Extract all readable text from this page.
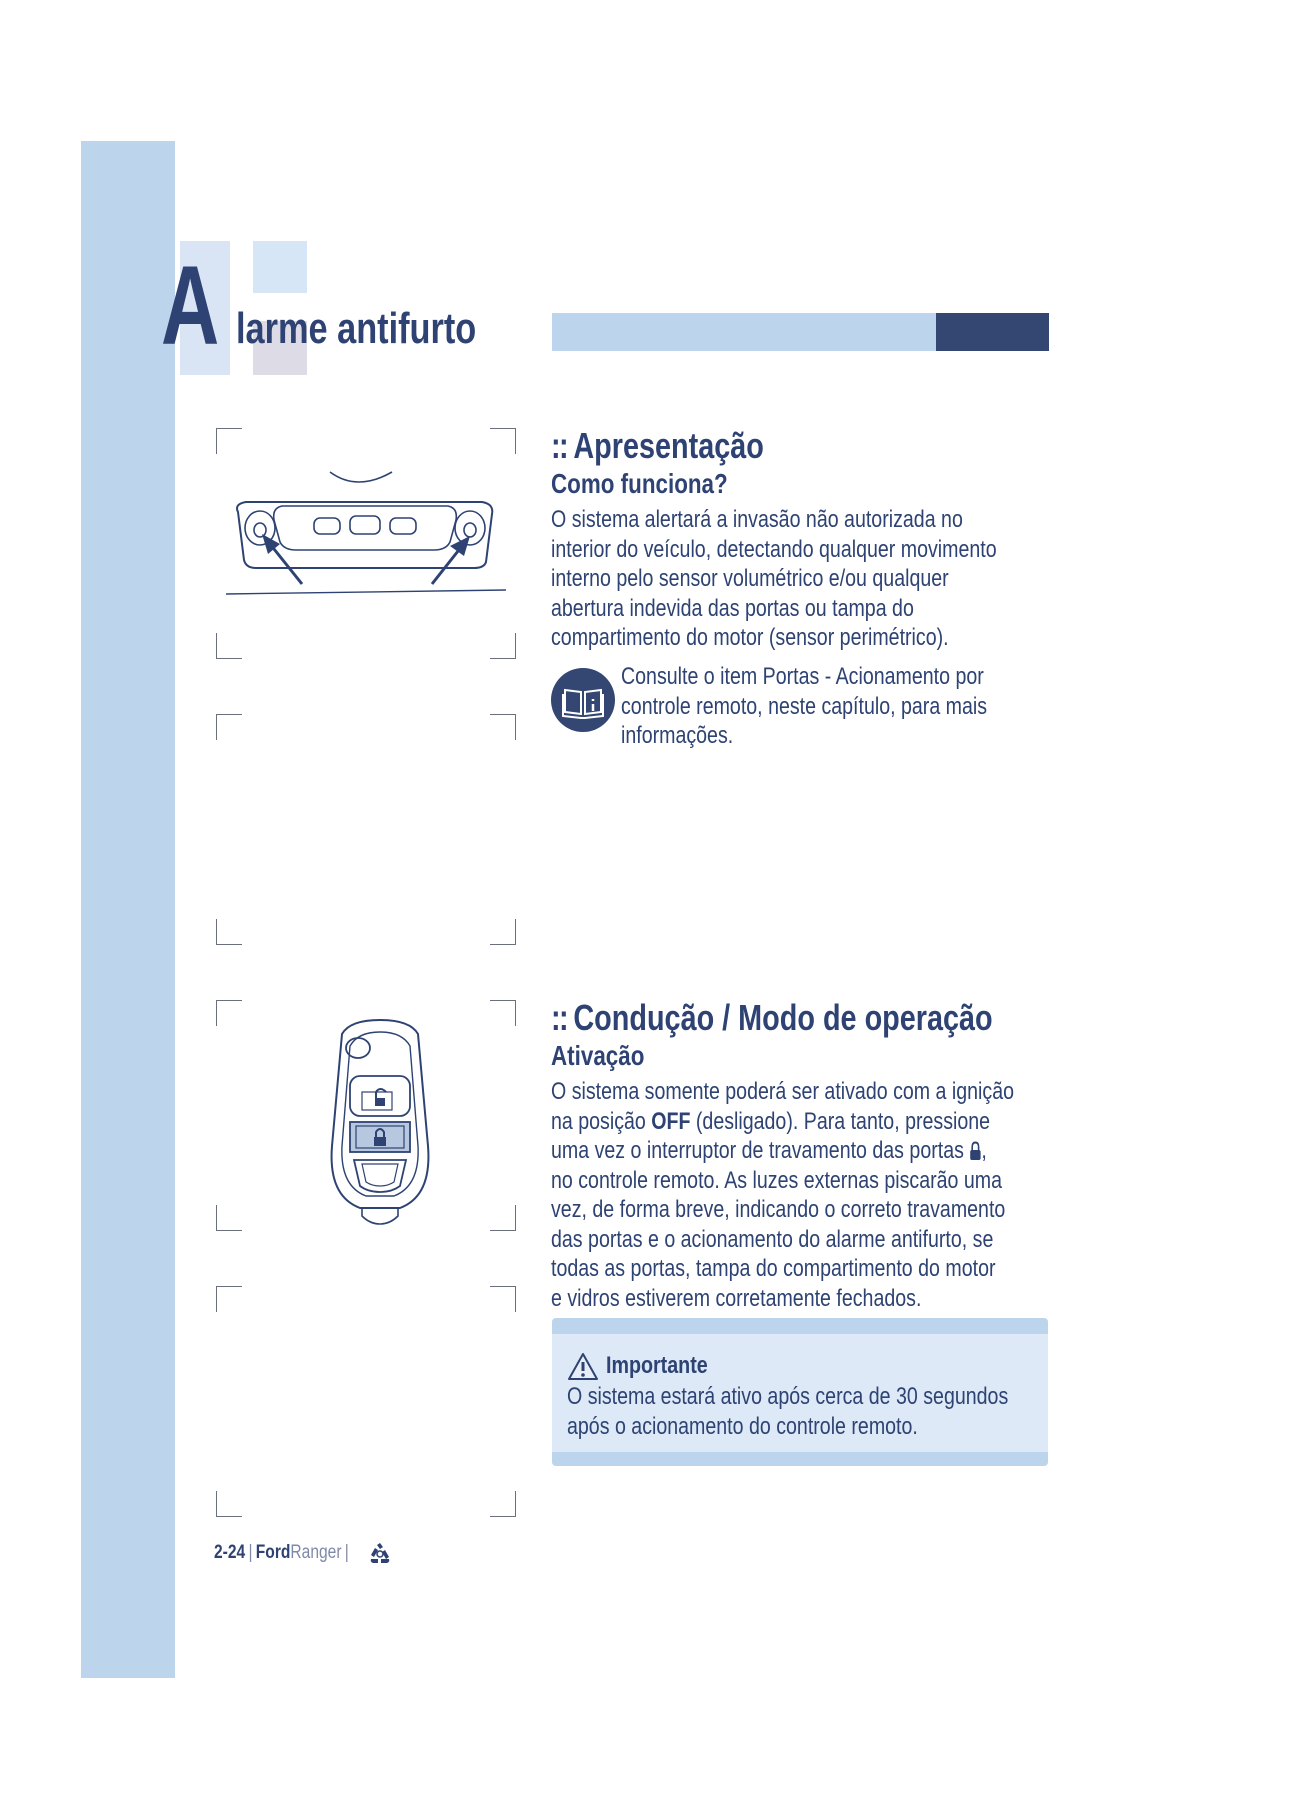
A larme antifurto
:: Apresentação
Como funciona?
O sistema alertará a invasão não autorizada no
interior do veículo, detectando qualquer movimento
interno pelo sensor volumétrico e/ou qualquer
abertura indevida das portas ou tampa do
compartimento do motor (sensor perimétrico).
Consulte o item Portas - Acionamento por
controle remoto, neste capítulo, para mais
informações.
:: Condução / Modo de operação
Ativação
O sistema somente poderá ser ativado com a ignição
na posição OFF (desligado). Para tanto, pressione
uma vez o interruptor de travamento das portas ,
no controle remoto. As luzes externas piscarão uma
vez, de forma breve, indicando o correto travamento
das portas e o acionamento do alarme antifurto, se
todas as portas, tampa do compartimento do motor
e vidros estiverem corretamente fechados.
Importante
O sistema estará ativo após cerca de 30 segundos
após o acionamento do controle remoto.
2-24 | FordRanger |
